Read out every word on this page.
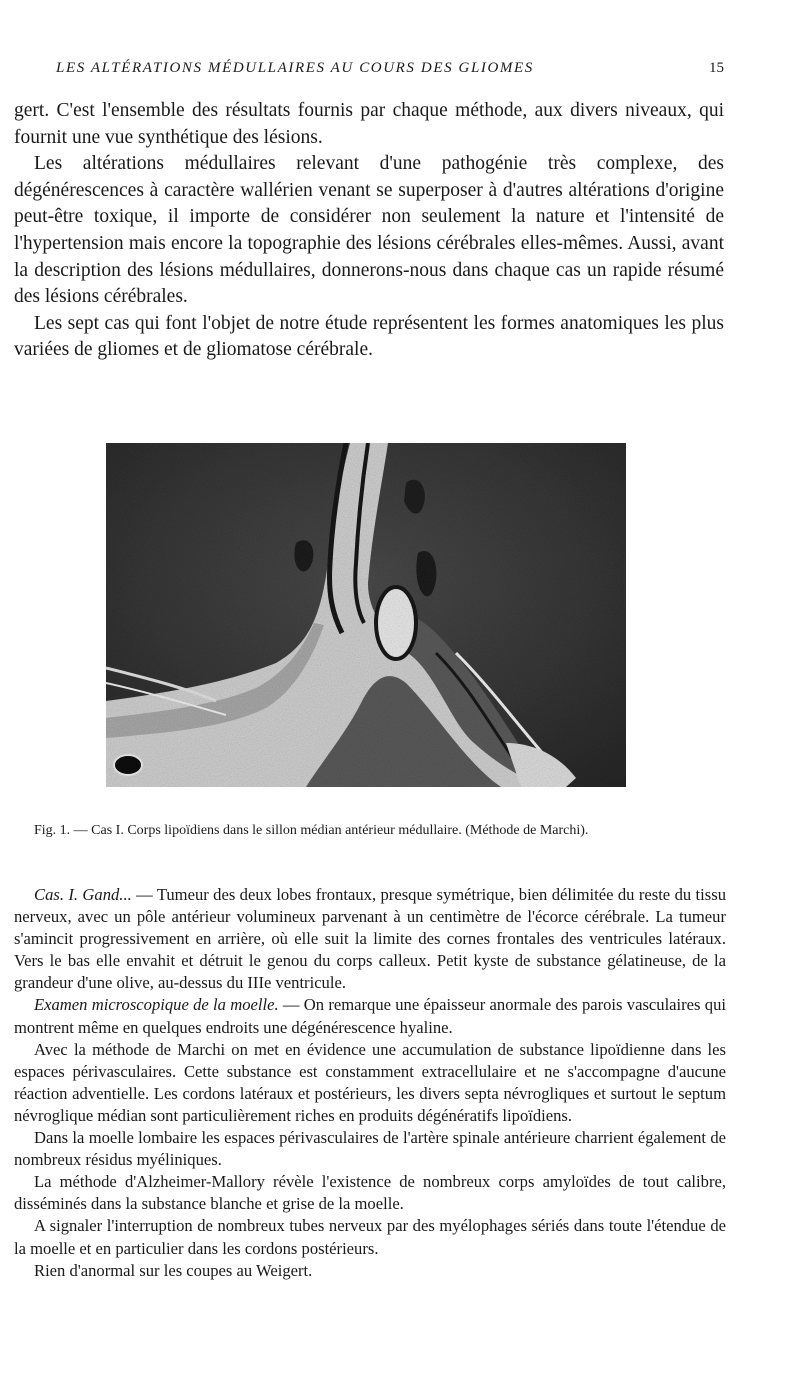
LES ALTÉRATIONS MÉDULLAIRES AU COURS DES GLIOMES	15

gert. C'est l'ensemble des résultats fournis par chaque méthode, aux divers niveaux, qui fournit une vue synthétique des lésions.

Les altérations médullaires relevant d'une pathogénie très complexe, des dégénérescences à caractère wallérien venant se superposer à d'autres altérations d'origine peut-être toxique, il importe de considérer non seulement la nature et l'intensité de l'hypertension mais encore la topographie des lésions cérébrales elles-mêmes. Aussi, avant la description des lésions médullaires, donnerons-nous dans chaque cas un rapide résumé des lésions cérébrales.

Les sept cas qui font l'objet de notre étude représentent les formes anatomiques les plus variées de gliomes et de gliomatose cérébrale.

Fig. 1. — Cas I. Corps lipoïdiens dans le sillon médian antérieur médullaire. (Méthode de Marchi).

Cas. I. Gand... — Tumeur des deux lobes frontaux, presque symétrique, bien délimitée du reste du tissu nerveux, avec un pôle antérieur volumineux parvenant à un centimètre de l'écorce cérébrale. La tumeur s'amincit progressivement en arrière, où elle suit la limite des cornes frontales des ventricules latéraux. Vers le bas elle envahit et détruit le genou du corps calleux. Petit kyste de substance gélatineuse, de la grandeur d'une olive, au-dessus du IIIe ventricule.

Examen microscopique de la moelle. — On remarque une épaisseur anormale des parois vasculaires qui montrent même en quelques endroits une dégénérescence hyaline.

Avec la méthode de Marchi on met en évidence une accumulation de substance lipoïdienne dans les espaces périvasculaires. Cette substance est constamment extracellulaire et ne s'accompagne d'aucune réaction adventielle. Les cordons latéraux et postérieurs, les divers septa névrogliques et surtout le septum névroglique médian sont particulièrement riches en produits dégénératifs lipoïdiens.

Dans la moelle lombaire les espaces périvasculaires de l'artère spinale antérieure charrient également de nombreux résidus myéliniques.

La méthode d'Alzheimer-Mallory révèle l'existence de nombreux corps amyloïdes de tout calibre, disséminés dans la substance blanche et grise de la moelle.

A signaler l'interruption de nombreux tubes nerveux par des myélophages sériés dans toute l'étendue de la moelle et en particulier dans les cordons postérieurs.

Rien d'anormal sur les coupes au Weigert.
